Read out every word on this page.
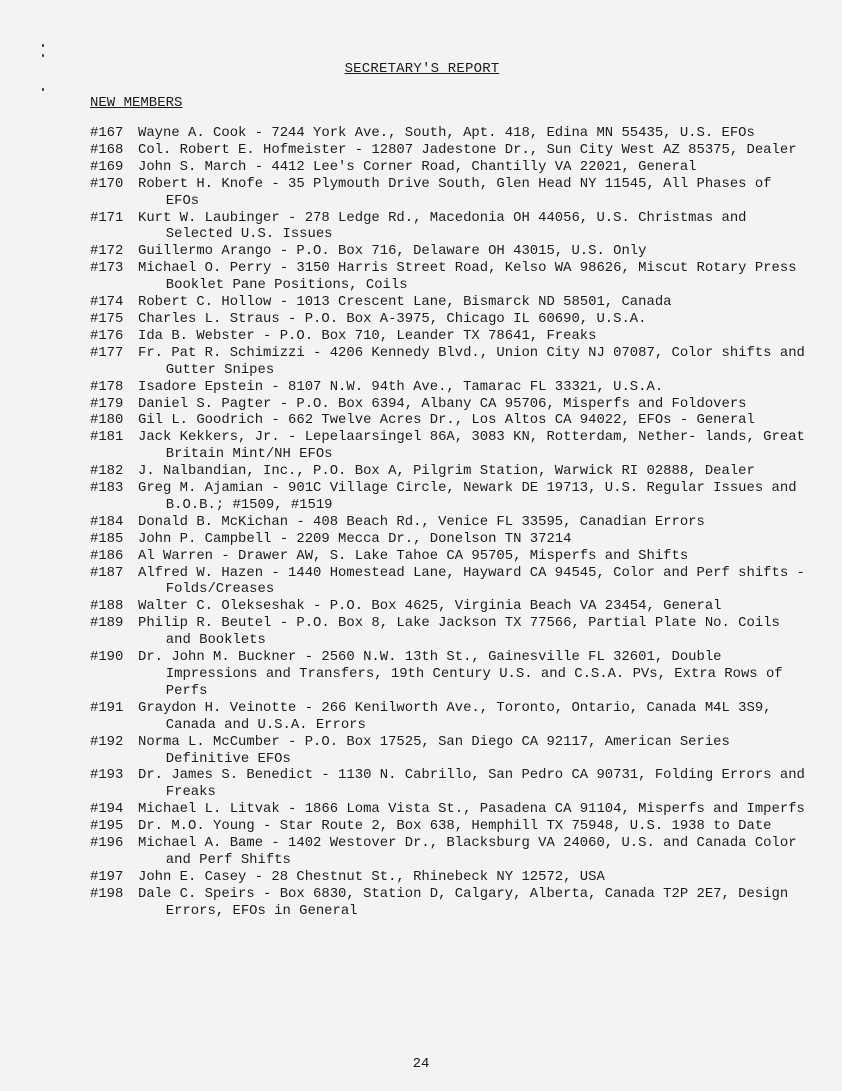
SECRETARY'S REPORT
NEW MEMBERS
#167	Wayne A. Cook - 7244 York Ave., South, Apt. 418, Edina MN 55435, U.S. EFOs
#168	Col. Robert E. Hofmeister - 12807 Jadestone Dr., Sun City West AZ 85375, Dealer
#169	John S. March - 4412 Lee's Corner Road, Chantilly VA 22021, General
#170	Robert H. Knofe - 35 Plymouth Drive South, Glen Head NY 11545, All Phases of EFOs
#171	Kurt W. Laubinger - 278 Ledge Rd., Macedonia OH 44056, U.S. Christmas and Selected U.S. Issues
#172	Guillermo Arango - P.O. Box 716, Delaware OH 43015, U.S. Only
#173	Michael O. Perry - 3150 Harris Street Road, Kelso WA 98626, Miscut Rotary Press Booklet Pane Positions, Coils
#174	Robert C. Hollow - 1013 Crescent Lane, Bismarck ND 58501, Canada
#175	Charles L. Straus - P.O. Box A-3975, Chicago IL 60690, U.S.A.
#176	Ida B. Webster - P.O. Box 710, Leander TX 78641, Freaks
#177	Fr. Pat R. Schimizzi - 4206 Kennedy Blvd., Union City NJ 07087, Color shifts and Gutter Snipes
#178	Isadore Epstein - 8107 N.W. 94th Ave., Tamarac FL 33321, U.S.A.
#179	Daniel S. Pagter - P.O. Box 6394, Albany CA 95706, Misperfs and Foldovers
#180	Gil L. Goodrich - 662 Twelve Acres Dr., Los Altos CA 94022, EFOs - General
#181	Jack Kekkers, Jr. - Lepelaarsingel 86A, 3083 KN, Rotterdam, Nether- lands, Great Britain Mint/NH EFOs
#182	J. Nalbandian, Inc., P.O. Box A, Pilgrim Station, Warwick RI 02888, Dealer
#183	Greg M. Ajamian - 901C Village Circle, Newark DE 19713, U.S. Regular Issues and B.O.B.; #1509, #1519
#184	Donald B. McKichan - 408 Beach Rd., Venice FL 33595, Canadian Errors
#185	John P. Campbell - 2209 Mecca Dr., Donelson TN 37214
#186	Al Warren - Drawer AW, S. Lake Tahoe CA 95705, Misperfs and Shifts
#187	Alfred W. Hazen - 1440 Homestead Lane, Hayward CA 94545, Color and Perf shifts - Folds/Creases
#188	Walter C. Olekseshak - P.O. Box 4625, Virginia Beach VA 23454, General
#189	Philip R. Beutel - P.O. Box 8, Lake Jackson TX 77566, Partial Plate No. Coils and Booklets
#190	Dr. John M. Buckner - 2560 N.W. 13th St., Gainesville FL 32601, Double Impressions and Transfers, 19th Century U.S. and C.S.A. PVs, Extra Rows of Perfs
#191	Graydon H. Veinotte - 266 Kenilworth Ave., Toronto, Ontario, Canada M4L 3S9, Canada and U.S.A. Errors
#192	Norma L. McCumber - P.O. Box 17525, San Diego CA 92117, American Series Definitive EFOs
#193	Dr. James S. Benedict - 1130 N. Cabrillo, San Pedro CA 90731, Folding Errors and Freaks
#194	Michael L. Litvak - 1866 Loma Vista St., Pasadena CA 91104, Misperfs and Imperfs
#195	Dr. M.O. Young - Star Route 2, Box 638, Hemphill TX 75948, U.S. 1938 to Date
#196	Michael A. Bame - 1402 Westover Dr., Blacksburg VA 24060, U.S. and Canada Color and Perf Shifts
#197	John E. Casey - 28 Chestnut St., Rhinebeck NY 12572, USA
#198	Dale C. Speirs - Box 6830, Station D, Calgary, Alberta, Canada T2P 2E7, Design Errors, EFOs in General
24
